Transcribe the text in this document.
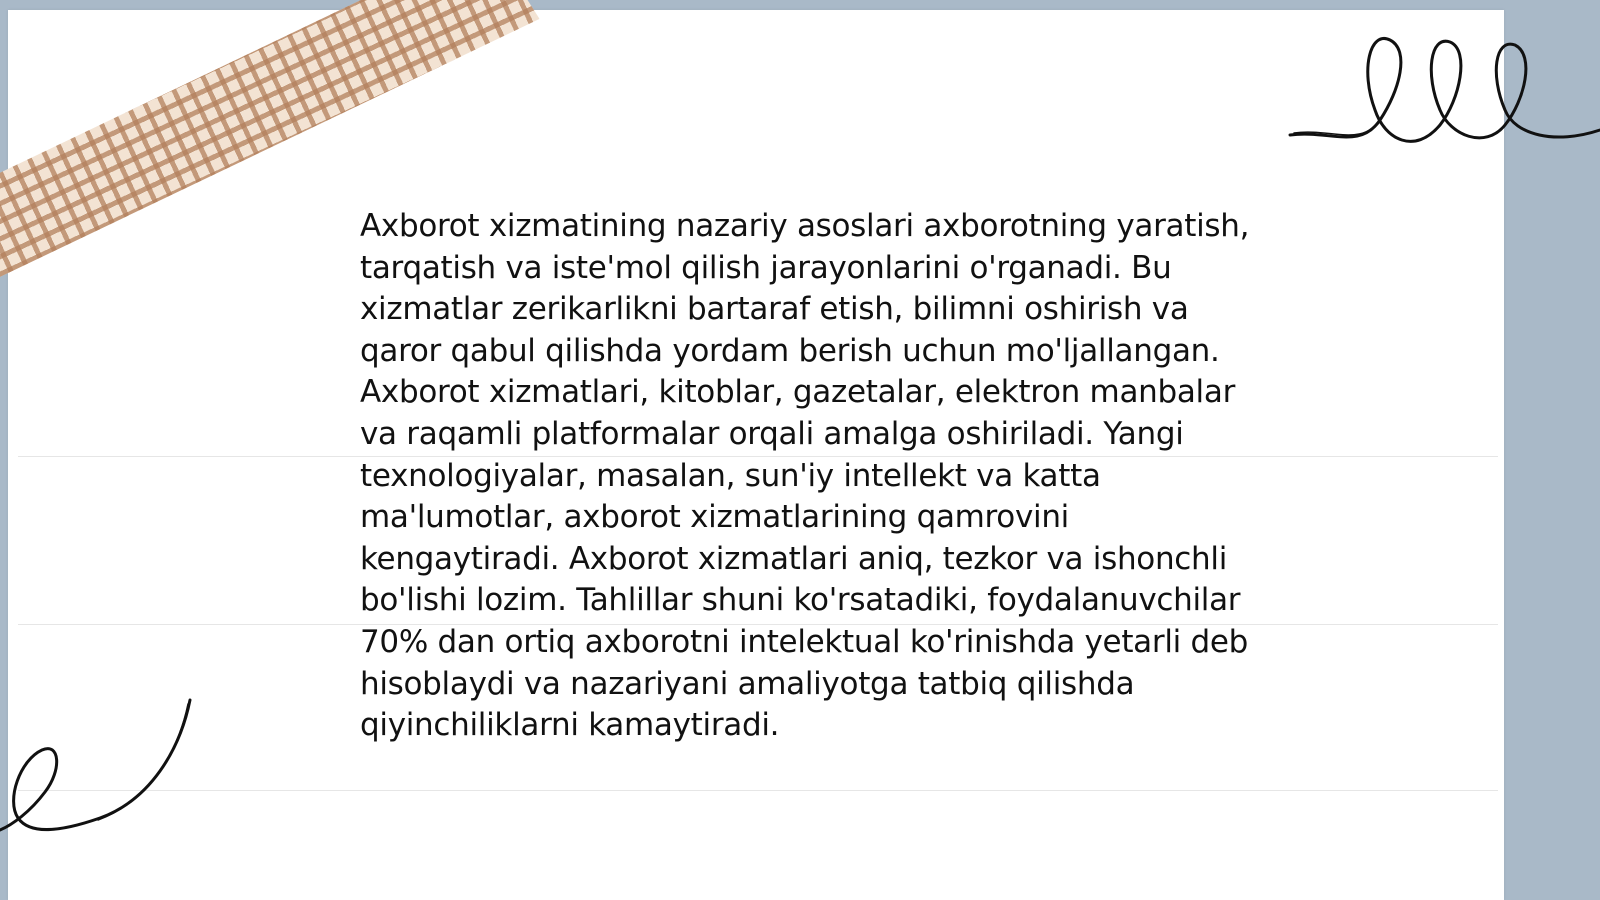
Axborot xizmatining nazariy asoslari axborotning yaratish, tarqatish va iste'mol qilish jarayonlarini o'rganadi. Bu xizmatlar zerikarlikni bartaraf etish, bilimni oshirish va qaror qabul qilishda yordam berish uchun mo'ljallangan. Axborot xizmatlari, kitoblar, gazetalar, elektron manbalar va raqamli platformalar orqali amalga oshiriladi. Yangi texnologiyalar, masalan, sun'iy intellekt va katta ma'lumotlar, axborot xizmatlarining qamrovini kengaytiradi. Axborot xizmatlari aniq, tezkor va ishonchli bo'lishi lozim. Tahlillar shuni ko'rsatadiki, foydalanuvchilar 70% dan ortiq axborotni intelektual ko'rinishda yetarli deb hisoblaydi va nazariyani amaliyotga tatbiq qilishda qiyinchiliklarni kamaytiradi.
